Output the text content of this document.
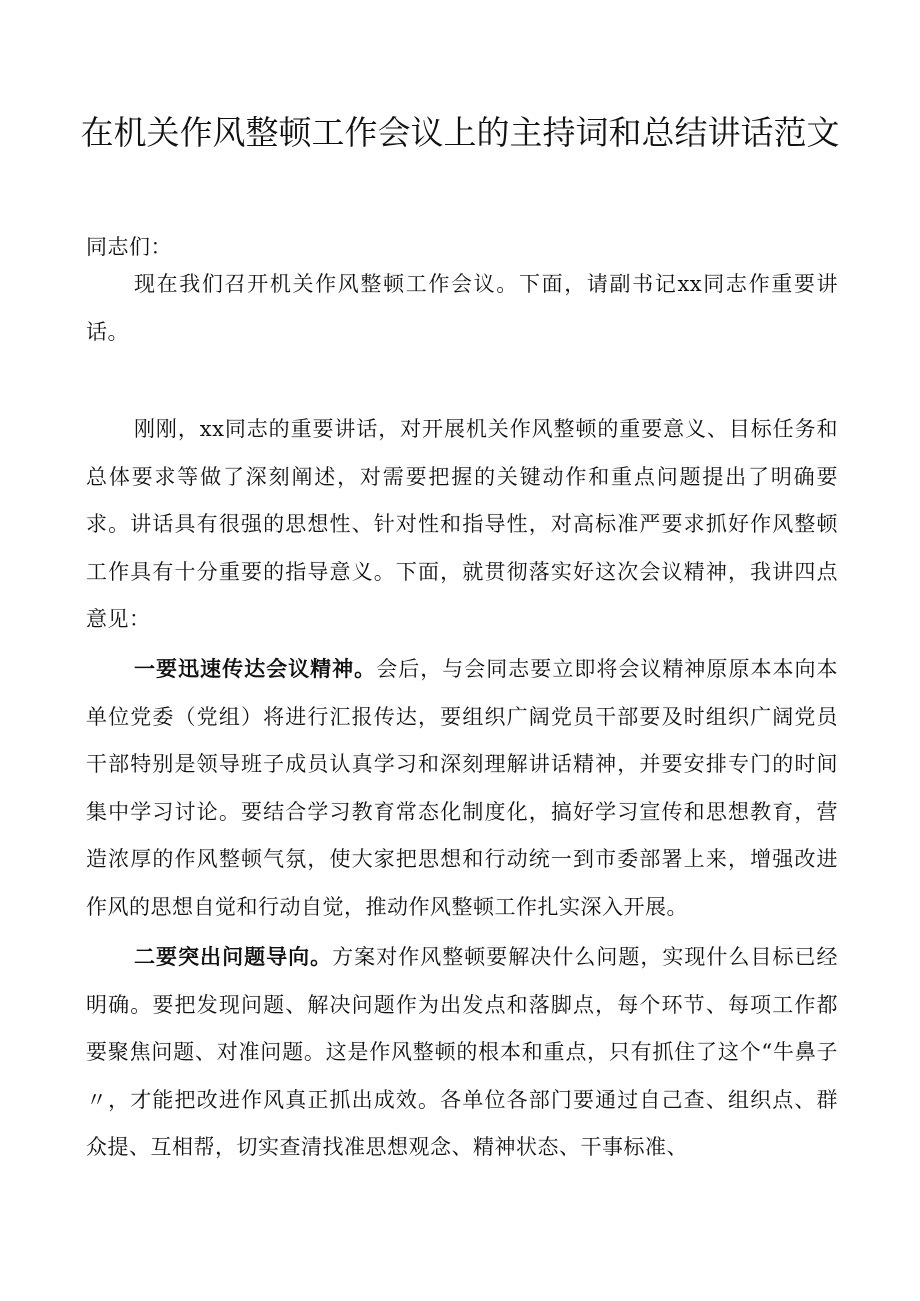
在机关作风整顿工作会议上的主持词和总结讲话范文

同志们：

现在我们召开机关作风整顿工作会议。下面，请副书记xx同志作重要讲话。

刚刚，xx同志的重要讲话，对开展机关作风整顿的重要意义、目标任务和总体要求等做了深刻阐述，对需要把握的关键动作和重点问题提出了明确要求。讲话具有很强的思想性、针对性和指导性，对高标准严要求抓好作风整顿工作具有十分重要的指导意义。下面，就贯彻落实好这次会议精神，我讲四点意见：

一要迅速传达会议精神。会后，与会同志要立即将会议精神原原本本向本单位党委（党组）将进行汇报传达，要组织广阔党员干部要及时组织广阔党员干部特别是领导班子成员认真学习和深刻理解讲话精神，并要安排专门的时间集中学习讨论。要结合学习教育常态化制度化，搞好学习宣传和思想教育，营造浓厚的作风整顿气氛，使大家把思想和行动统一到市委部署上来，增强改进作风的思想自觉和行动自觉，推动作风整顿工作扎实深入开展。

二要突出问题导向。方案对作风整顿要解决什么问题，实现什么目标已经明确。要把发现问题、解决问题作为出发点和落脚点，每个环节、每项工作都要聚焦问题、对准问题。这是作风整顿的根本和重点，只有抓住了这个“牛鼻子〃，才能把改进作风真正抓出成效。各单位各部门要通过自己查、组织点、群众提、互相帮，切实查清找准思想观念、精神状态、干事标准、
